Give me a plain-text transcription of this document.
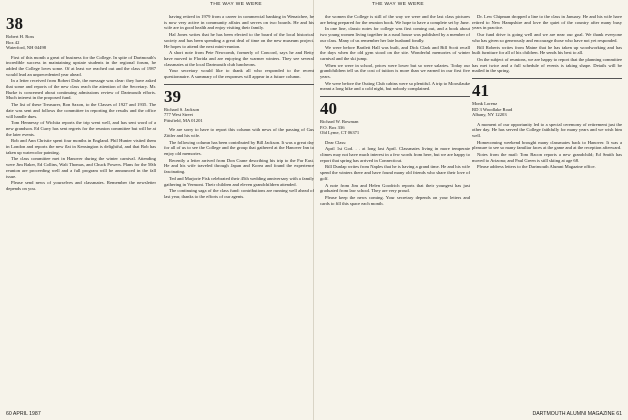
THE WAY WE WERE	THE WAY WE WERE
38
Robert H. Ross
Box 42
Waterford, NH 04498

First of this month a great of business for the College. In spite of Dartmouth's incredible success in maintaining upstate students in the regional forum, he added the College loves some. Of at least we reached out and the class of 1987 would lead an unprecedented year ahead.

In a letter received from Robert Dale, the message was clear: they have asked that some and reports of the new class reach the attention of the Secretary. Mr. Burke is concerned about continuing admissions review of Dartmouth efforts. Much interest in the proposed fund.

The list of these Treasurer, Ron Saxon, to the Classes of 1927 and 1935. The date was sent and follows the committee in reporting the results and the office will handle dues.

Tom Hennessy of Wichita reports the trip went well, and has sent word of a new grandson. Ed Curry has sent regrets for the reunion committee but will be at the later events.

Bob and Ann Christie spent four months in England. Phil Hunter visited them in London and reports the new flat in Kensington is delightful, and that Bob has taken up watercolor painting.

The class committee met in Hanover during the winter carnival. Attending were Jim Baker, Ed Collins, Walt Thomas, and Chuck Powers. Plans for the 50th reunion are proceeding well and a full program will be announced in the fall issue.

Please send news of yourselves and classmates. Remember the newsletter depends on you.

having retired in 1979 from a career in commercial banking in Wenatchee, he is now very active in community affairs and serves on two boards. He and his wife are in good health and enjoy visiting their family.

Hal Jones writes that he has been elected to the board of the local historical society and has been spending a great deal of time on the new museum project. He hopes to attend the next mini-reunion.

A short note from Pete Newcomb, formerly of Concord, says he and Betty have moved to Florida and are enjoying the warmer winters. They see several classmates at the local Dartmouth club luncheons.

Your secretary would like to thank all who responded to the recent questionnaire. A summary of the responses will appear in a future column.

39
Richard S. Jackson
777 West Street
Pittsfield, MA 01201

We are sorry to have to report this column with news of the passing of Gus Zittler and his wife.

The following column has been contributed by Bill Jackson. It was a great day for all of us to see the College and the group that gathered at the Hanover Inn to enjoy old memories.

Recently a letter arrived from Don Crane describing his trip to the Far East. He and his wife traveled through Japan and Korea and found the experience fascinating.

Ted and Marjorie Fisk celebrated their 45th wedding anniversary with a family gathering in Vermont. Their children and eleven grandchildren attended.

The continuing saga of the class fund: contributions are running well ahead of last year, thanks to the efforts of our agents.

the women the College is still of the way we were and the last class pictures are being prepared for the reunion book. We hope to have a complete set by June.

In one line, classic notes for college was first coming out, and a book about two young women living together in a rural house was published by a member of our class. Many of us remember her late husband fondly.

We were before Bartlett Hall was built, and Dick Clark and Bill Scott recall the days when the old gym stood on the site. Wonderful memories of winter carnival and the ski jump.

When we were in school, prices were lower but so were salaries. Today our grandchildren tell us the cost of tuition is more than we earned in our first five years.

We were before the Outing Club cabins were so plentiful. A trip to Moosilauke meant a long hike and a cold night, but nobody complained.

40
Richard W. Bowman
P.O. Box 336
Old Lyme, CT 06371

Dear Class:

April 1st God. . . at long last April. Classmates living in more temperate climes may not have much interest in a few words from here, but we are happy to report that spring has arrived in Connecticut.

Bill Dunlap writes from Naples that he is having a grand time. He and his wife spend the winters there and have found many old friends who share their love of golf.

A note from Jim and Helen Goodrich reports that their youngest has just graduated from law school. They are very proud.

Please keep the news coming. Your secretary depends on your letters and cards to fill this space each month.

Dr. Lew Chipman dropped a line to the class in January. He and his wife have retired to New Hampshire and love the quiet of the country after many busy years in practice.

Our fund drive is going well and we are near our goal. We thank everyone who has given so generously and encourage those who have not yet responded.

Bill Roberts writes from Maine that he has taken up woodworking and has built furniture for all of his children. He sends his best to all.

On the subject of reunions, we are happy to report that the planning committee has met twice and a full schedule of events is taking shape. Details will be mailed in the spring.

41
Monk Lorenz
RD 3 Woodlake Road
Albany, NY 12203

A moment of our opportunity led to a special ceremony of retirement just the other day. He has served the College faithfully for many years and we wish him well.

Homecoming weekend brought many classmates back to Hanover. It was a pleasure to see so many familiar faces at the game and at the reception afterward.

Notes from the mail: Tom Bacon reports a new grandchild; Ed Smith has moved to Arizona; and Paul Green is still skiing at age 68.

Please address letters to the Dartmouth Alumni Magazine office.

60 APRIL 1987	DARTMOUTH ALUMNI MAGAZINE 61
